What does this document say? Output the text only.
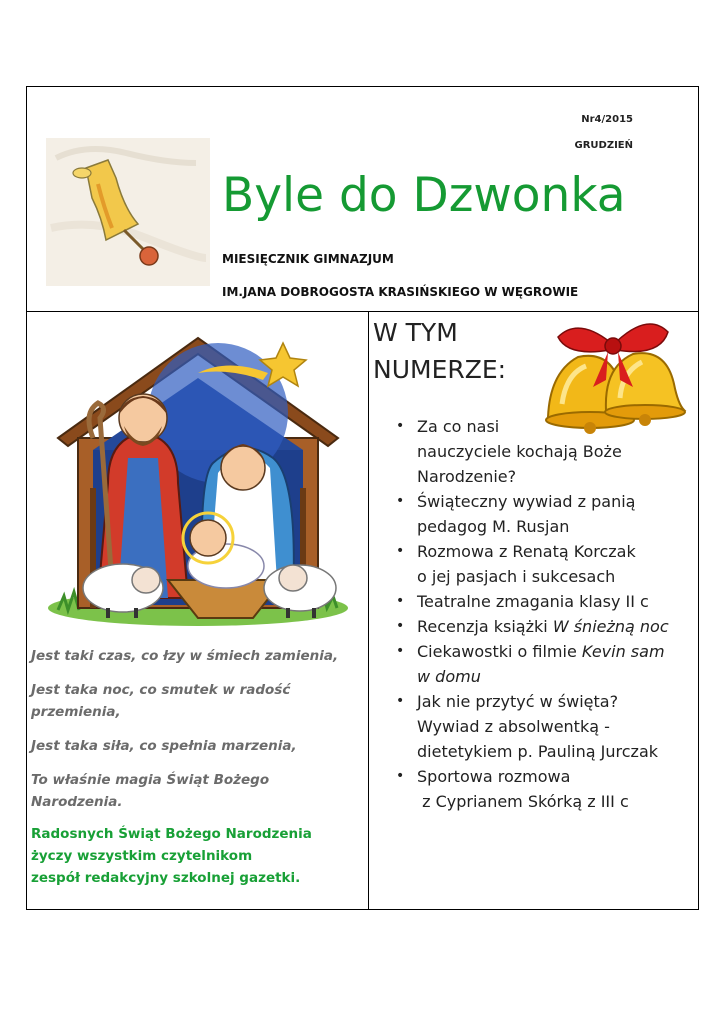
Nr4/2015
GRUDZIEŃ
Byle do Dzwonka
MIESIĘCZNIK GIMNAZJUM
IM.JANA DOBROGOSTA KRASIŃSKIEGO W WĘGROWIE

Jest taki czas, co łzy w śmiech zamienia,

Jest taka noc, co smutek w radość
przemienia,

Jest taka siła, co spełnia marzenia,

To właśnie magia Świąt Bożego
Narodzenia.

Radosnych Świąt Bożego Narodzenia
życzy wszystkim czytelnikom
zespół redakcyjny szkolnej gazetki.
W TYM
NUMERZE:
• Za co nasi
nauczyciele kochają Boże
Narodzenie?
• Świąteczny wywiad z panią
pedagog M. Rusjan
• Rozmowa z Renatą Korczak
o jej pasjach i sukcesach
• Teatralne zmagania klasy II c
• Recenzja książki W śnieżną noc
• Ciekawostki o filmie Kevin sam
w domu
• Jak nie przytyć w święta?
Wywiad z absolwentką -
dietetykiem p. Pauliną Jurczak
• Sportowa rozmowa
z Cyprianem Skórką z III c
